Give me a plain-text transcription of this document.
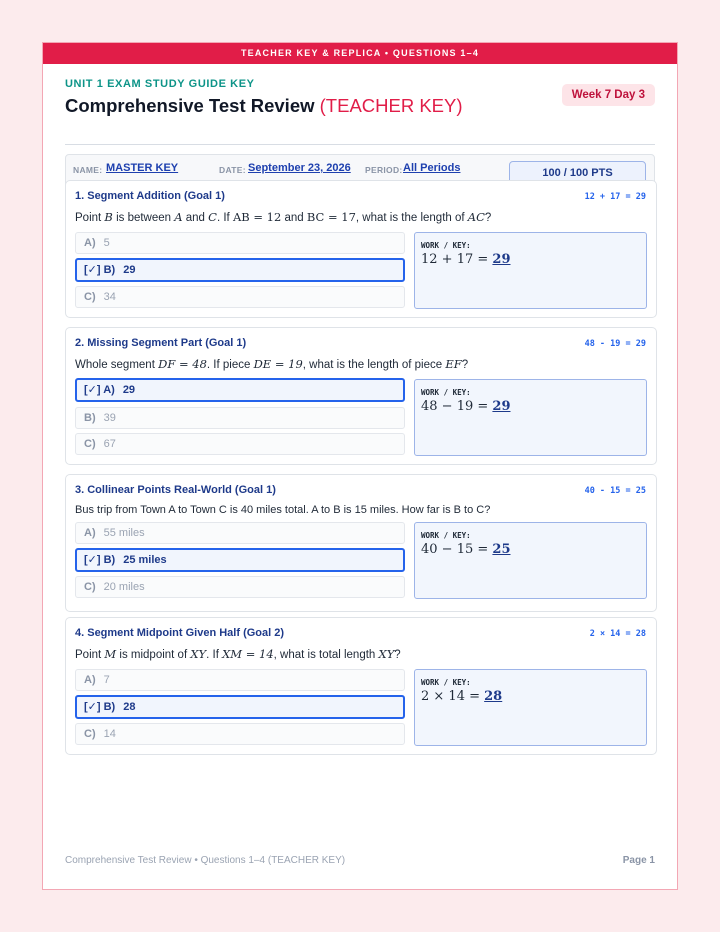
TEACHER KEY & REPLICA • QUESTIONS 1–4
UNIT 1 EXAM STUDY GUIDE KEY
Comprehensive Test Review (TEACHER KEY)	Week 7 Day 3
NAME: MASTER KEY	DATE: September 23, 2026 PERIOD: All Periods	100 / 100 PTS
1. Segment Addition (Goal 1)	12 + 17 = 29
Point B is between A and C. If AB = 12 and BC = 17, what is the length of AC?
A) 5
[✓] B) 29
C) 34
WORK / KEY:
12 + 17 = 29
2. Missing Segment Part (Goal 1)	48 - 19 = 29
Whole segment DF = 48. If piece DE = 19, what is the length of piece EF?
[✓] A) 29
B) 39
C) 67
WORK / KEY:
48 − 19 = 29
3. Collinear Points Real-World (Goal 1)	40 - 15 = 25
Bus trip from Town A to Town C is 40 miles total. A to B is 15 miles. How far is B to C?
A) 55 miles
[✓] B) 25 miles
C) 20 miles
WORK / KEY:
40 − 15 = 25
4. Segment Midpoint Given Half (Goal 2)	2 × 14 = 28
Point M is midpoint of XY. If XM = 14, what is total length XY?
A) 7
[✓] B) 28
C) 14
WORK / KEY:
2 × 14 = 28
Comprehensive Test Review • Questions 1–4 (TEACHER KEY)	Page 1
